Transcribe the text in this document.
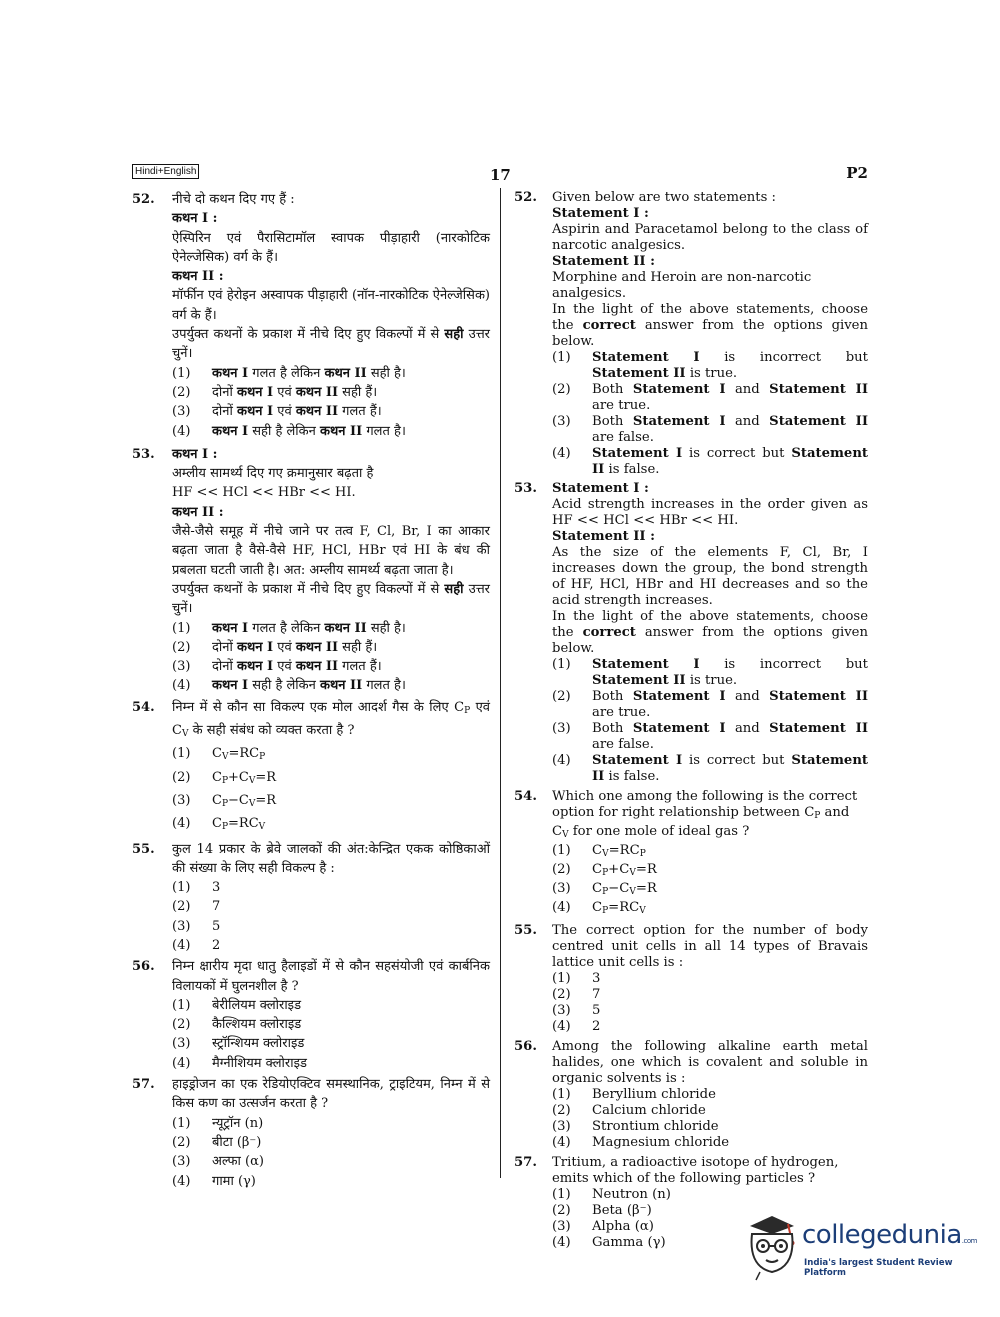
Hindi+English	17	P2
52. नीचे दो कथन दिए गए हैं :
कथन I :
ऐस्पिरिन एवं पैरासिटामॉल स्वापक पीड़ाहारी (नारकोटिक ऐनेल्जेसिक) वर्ग के हैं।
कथन II :
मॉर्फीन एवं हेरोइन अस्वापक पीड़ाहारी (नॉन-नारकोटिक ऐनेल्जेसिक) वर्ग के हैं।
उपर्युक्त कथनों के प्रकाश में नीचे दिए हुए विकल्पों में से सही उत्तर चुनें।
(1) कथन I गलत है लेकिन कथन II सही है।
(2) दोनों कथन I एवं कथन II सही हैं।
(3) दोनों कथन I एवं कथन II गलत हैं।
(4) कथन I सही है लेकिन कथन II गलत है।
53. कथन I :
अम्लीय सामर्थ्य दिए गए क्रमानुसार बढ़ता है
HF << HCl << HBr << HI.
कथन II :
जैसे-जैसे समूह में नीचे जाने पर तत्व F, Cl, Br, I का आकार बढ़ता जाता है वैसे-वैसे HF, HCl, HBr एवं HI के बंध की प्रबलता घटती जाती है। अत: अम्लीय सामर्थ्य बढ़ता जाता है।
उपर्युक्त कथनों के प्रकाश में नीचे दिए हुए विकल्पों में से सही उत्तर चुनें।
(1) कथन I गलत है लेकिन कथन II सही है।
(2) दोनों कथन I एवं कथन II सही हैं।
(3) दोनों कथन I एवं कथन II गलत हैं।
(4) कथन I सही है लेकिन कथन II गलत है।
54. निम्न में से कौन सा विकल्प एक मोल आदर्श गैस के लिए $C_P$ एवं $C_V$ के सही संबंध को व्यक्त करता है ?
(1) $C_V=RC_P$
(2) $C_P+C_V=R$
(3) $C_P-C_V=R$
(4) $C_P=RC_V$
55. कुल 14 प्रकार के ब्रेवे जालकों की अंत:केन्द्रित एकक कोष्ठिकाओं की संख्या के लिए सही विकल्प है :
(1) 3
(2) 7
(3) 5
(4) 2
56. निम्न क्षारीय मृदा धातु हैलाइडों में से कौन सहसंयोजी एवं कार्बनिक विलायकों में घुलनशील है ?
(1) बेरीलियम क्लोराइड
(2) कैल्शियम क्लोराइड
(3) स्ट्रॉन्शियम क्लोराइड
(4) मैग्नीशियम क्लोराइड
57. हाइड्रोजन का एक रेडियोएक्टिव समस्थानिक, ट्राइटियम, निम्न में से किस कण का उत्सर्जन करता है ?
(1) न्यूट्रॉन (n)
(2) बीटा (β⁻)
(3) अल्फा (α)
(4) गामा (γ)
52. Given below are two statements :
Statement I :
Aspirin and Paracetamol belong to the class of narcotic analgesics.
Statement II :
Morphine and Heroin are non-narcotic analgesics.
In the light of the above statements, choose the correct answer from the options given below.
(1) Statement I is incorrect but
Statement II is true.
(2) Both Statement I and Statement II are true.
(3) Both Statement I and Statement II are false.
(4) Statement I is correct but Statement II is false.
53. Statement I :
Acid strength increases in the order given as HF << HCl << HBr << HI.
Statement II :
As the size of the elements F, Cl, Br, I increases down the group, the bond strength of HF, HCl, HBr and HI decreases and so the acid strength increases.
In the light of the above statements, choose the correct answer from the options given below.
(1) Statement I is incorrect but
Statement II is true.
(2) Both Statement I and Statement II are true.
(3) Both Statement I and Statement II are false.
(4) Statement I is correct but Statement II is false.
54. Which one among the following is the correct option for right relationship between $C_P$ and $C_V$ for one mole of ideal gas ?
(1) $C_V=RC_P$
(2) $C_P+C_V=R$
(3) $C_P-C_V=R$
(4) $C_P=RC_V$
55. The correct option for the number of body centred unit cells in all 14 types of Bravais lattice unit cells is :
(1) 3
(2) 7
(3) 5
(4) 2
56. Among the following alkaline earth metal halides, one which is covalent and soluble in organic solvents is :
(1) Beryllium chloride
(2) Calcium chloride
(3) Strontium chloride
(4) Magnesium chloride
57. Tritium, a radioactive isotope of hydrogen, emits which of the following particles ?
(1) Neutron (n)
(2) Beta (β⁻)
(3) Alpha (α)
(4) Gamma (γ)	collegedunia.com
India's largest Student Review Platform
